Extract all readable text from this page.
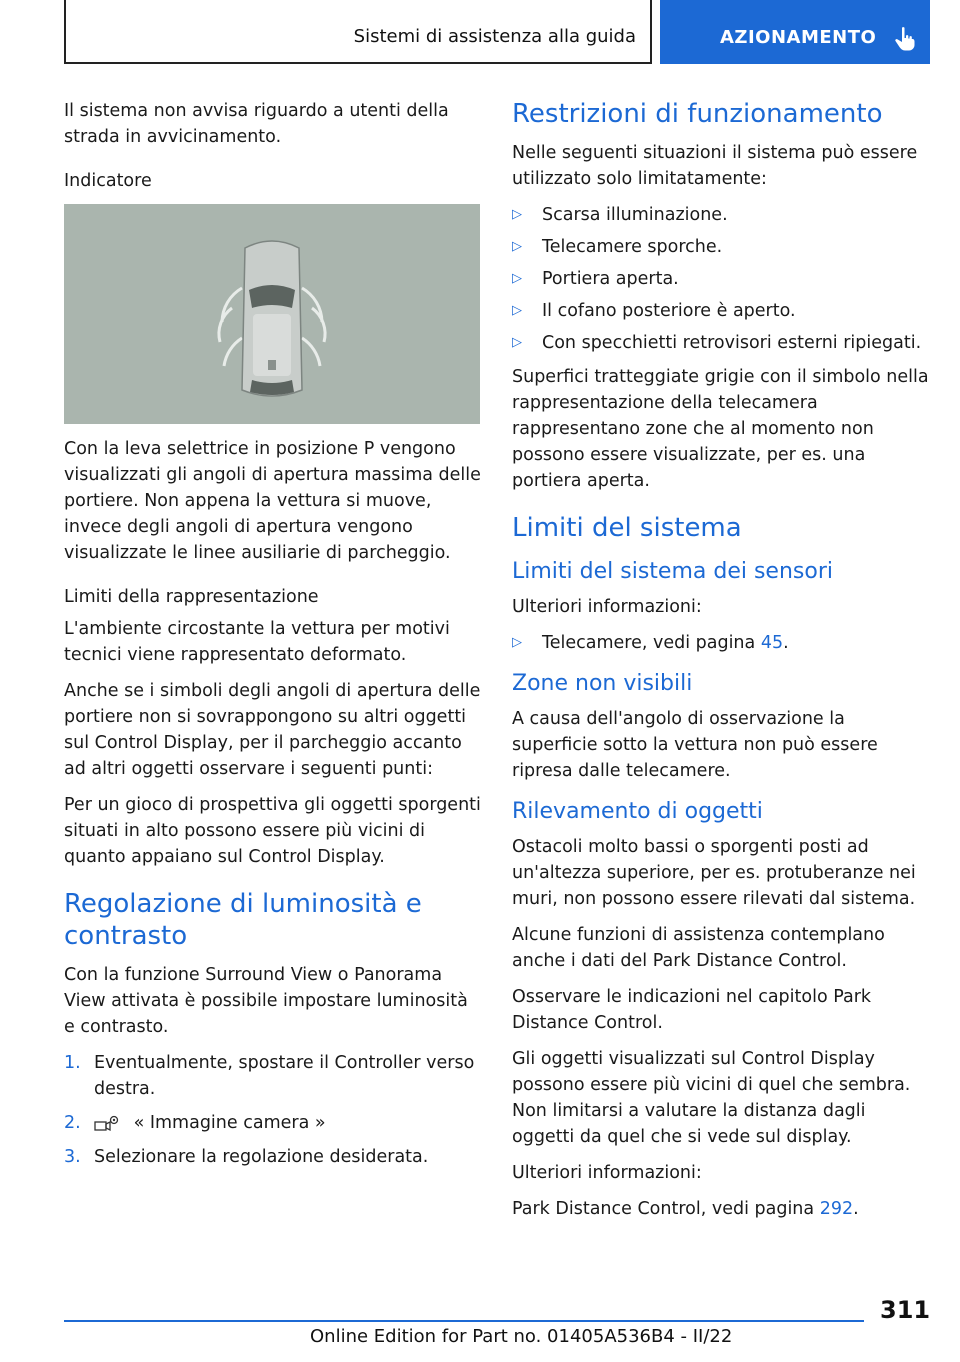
Sistemi di assistenza alla guida	AZIONAMENTO

Il sistema non avvisa riguardo a utenti della strada in avvicinamento.

Indicatore

Con la leva selettrice in posizione P vengono visualizzati gli angoli di apertura massima delle portiere. Non appena la vettura si muove, invece degli angoli di apertura vengono visualizzate le linee ausiliarie di parcheggio.

Limiti della rappresentazione

L'ambiente circostante la vettura per motivi tecnici viene rappresentato deformato.

Anche se i simboli degli angoli di apertura delle portiere non si sovrappongono su altri oggetti sul Control Display, per il parcheggio accanto ad altri oggetti osservare i seguenti punti:

Per un gioco di prospettiva gli oggetti sporgenti situati in alto possono essere più vicini di quanto appaiano sul Control Display.

Regolazione di luminosità e contrasto

Con la funzione Surround View o Panorama View attivata è possibile impostare luminosità e contrasto.

1. Eventualmente, spostare il Controller verso destra.
2.	« Immagine camera »
3. Selezionare la regolazione desiderata.
Restrizioni di funzionamento

Nelle seguenti situazioni il sistema può essere utilizzato solo limitatamente:

▷ Scarsa illuminazione.
▷ Telecamere sporche.
▷ Portiera aperta.
▷ Il cofano posteriore è aperto.
▷ Con specchietti retrovisori esterni ripiegati.

Superfici tratteggiate grigie con il simbolo nella rappresentazione della telecamera rappresentano zone che al momento non possono essere visualizzate, per es. una portiera aperta.

Limiti del sistema
Limiti del sistema dei sensori

Ulteriori informazioni:

▷ Telecamere, vedi pagina 45.
Zone non visibili

A causa dell'angolo di osservazione la superficie sotto la vettura non può essere ripresa dalle telecamere.

Rilevamento di oggetti

Ostacoli molto bassi o sporgenti posti ad un'altezza superiore, per es. protuberanze nei muri, non possono essere rilevati dal sistema.

Alcune funzioni di assistenza contemplano anche i dati del Park Distance Control.

Osservare le indicazioni nel capitolo Park Distance Control.

Gli oggetti visualizzati sul Control Display possono essere più vicini di quel che sembra. Non limitarsi a valutare la distanza dagli oggetti da quel che si vede sul display.

Ulteriori informazioni:

Park Distance Control, vedi pagina 292.

311
Online Edition for Part no. 01405A536B4 - II/22
